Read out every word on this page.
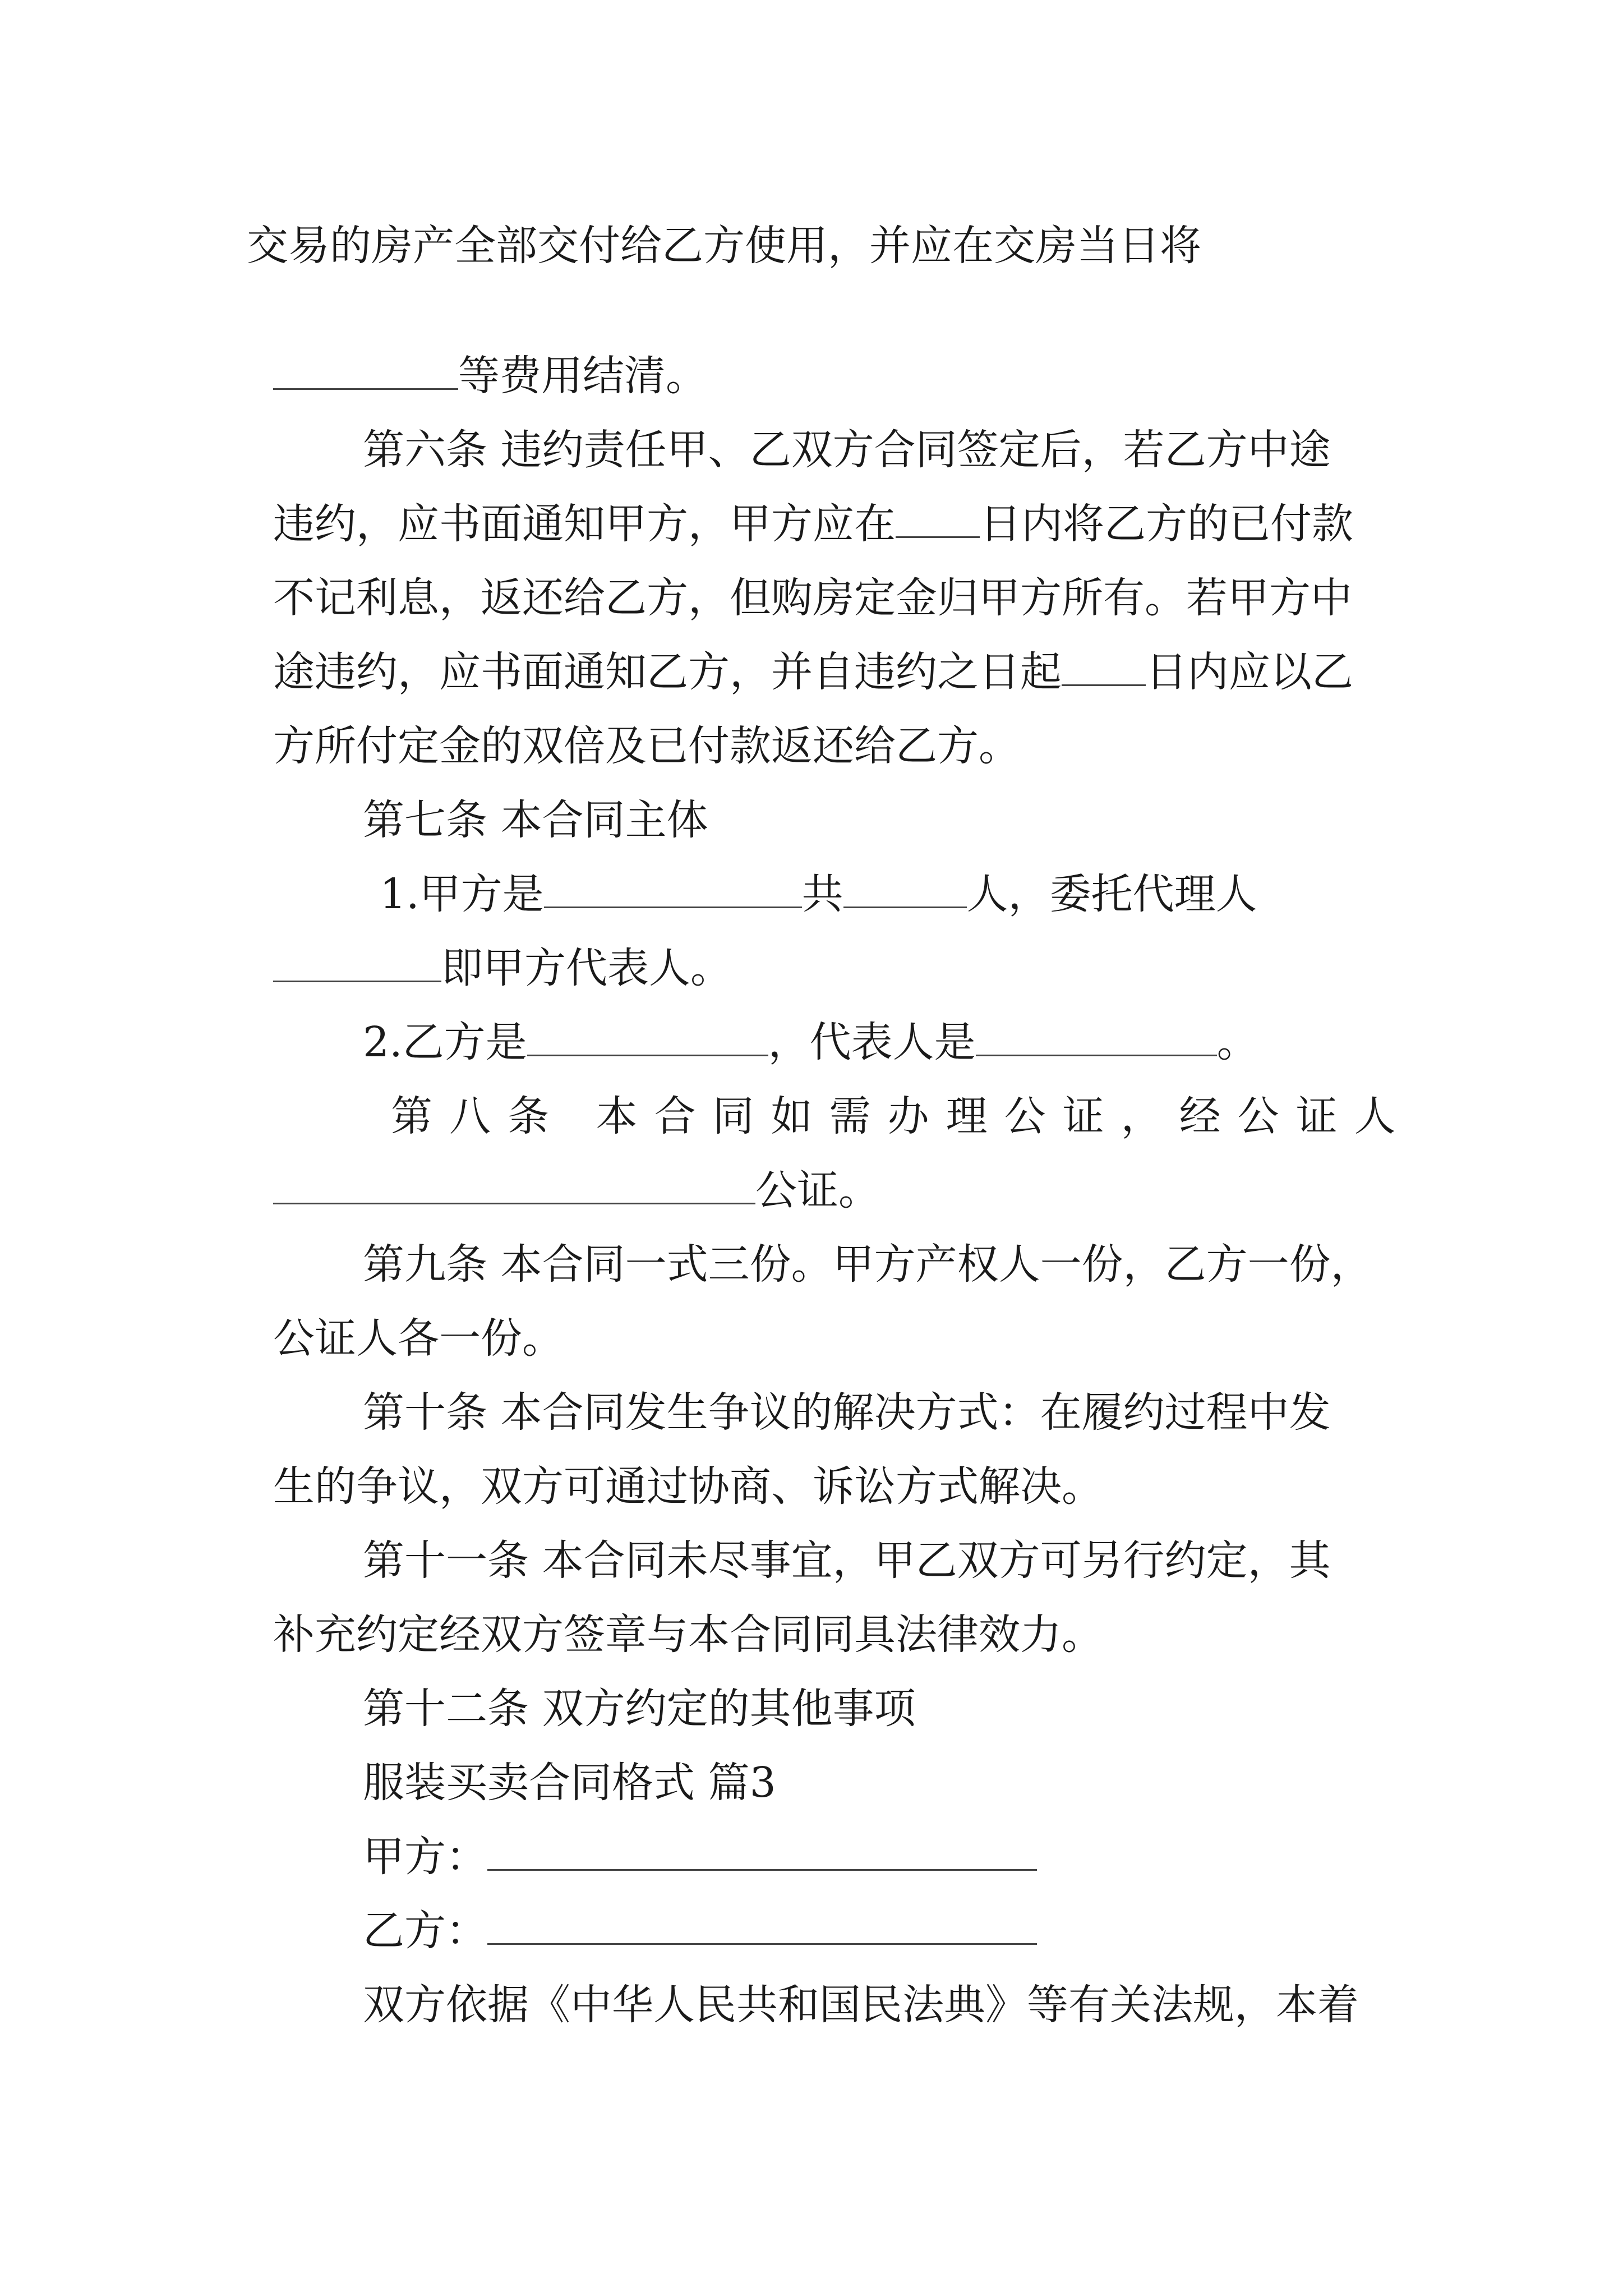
交易的房产全部交付给乙方使用，并应在交房当日将

等费用结清。

第六条 违约责任甲、乙双方合同签定后，若乙方中途

违约，应书面通知甲方，甲方应在 日内将乙方的已付款

不记利息，返还给乙方，但购房定金归甲方所有。若甲方中

途违约，应书面通知乙方，并自违约之日起 日内应以乙

方所付定金的双倍及已付款返还给乙方。

第七条 本合同主体

1.甲方是	共	人，委托代理人

即甲方代表人。

2.乙方是	，代表人是	。

第八条 本合同如需办理公证，经公证人

公证。

第九条 本合同一式三份。甲方产权人一份，乙方一份，

公证人各一份。

第十条 本合同发生争议的解决方式：在履约过程中发

生的争议，双方可通过协商、诉讼方式解决。

第十一条 本合同未尽事宜，甲乙双方可另行约定，其

补充约定经双方签章与本合同同具法律效力。

第十二条 双方约定的其他事项

服装买卖合同格式 篇3

甲方：

乙方：

双方依据《中华人民共和国民法典》等有关法规，本着
